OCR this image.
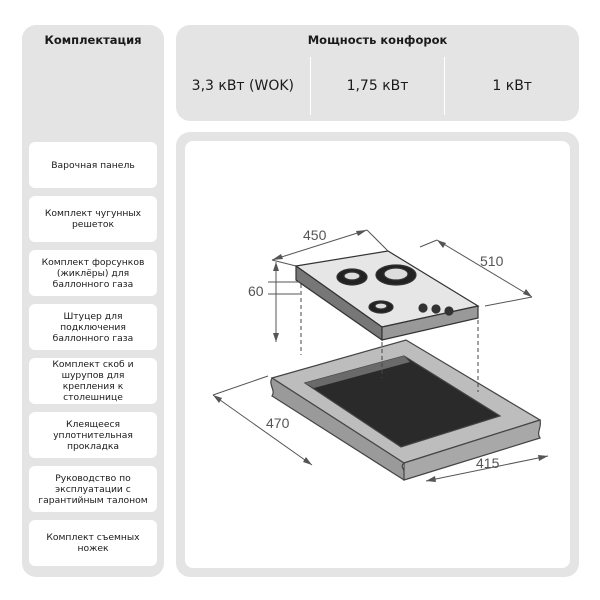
Комплектация
Варочная панель
Комплект чугунных решеток
Комплект форсунков (жиклёры) для баллонного газа
Штуцер для подключения баллонного газа
Комплект скоб и шурупов для крепления к столешнице
Клеящееся уплотнительная прокладка
Руководство по эксплуатации с гарантийным талоном
Комплект съемных ножек
Мощность конфорок
3,3 кВт (WOK)	1,75 кВт	1 кВт
450
510
60
470
415
